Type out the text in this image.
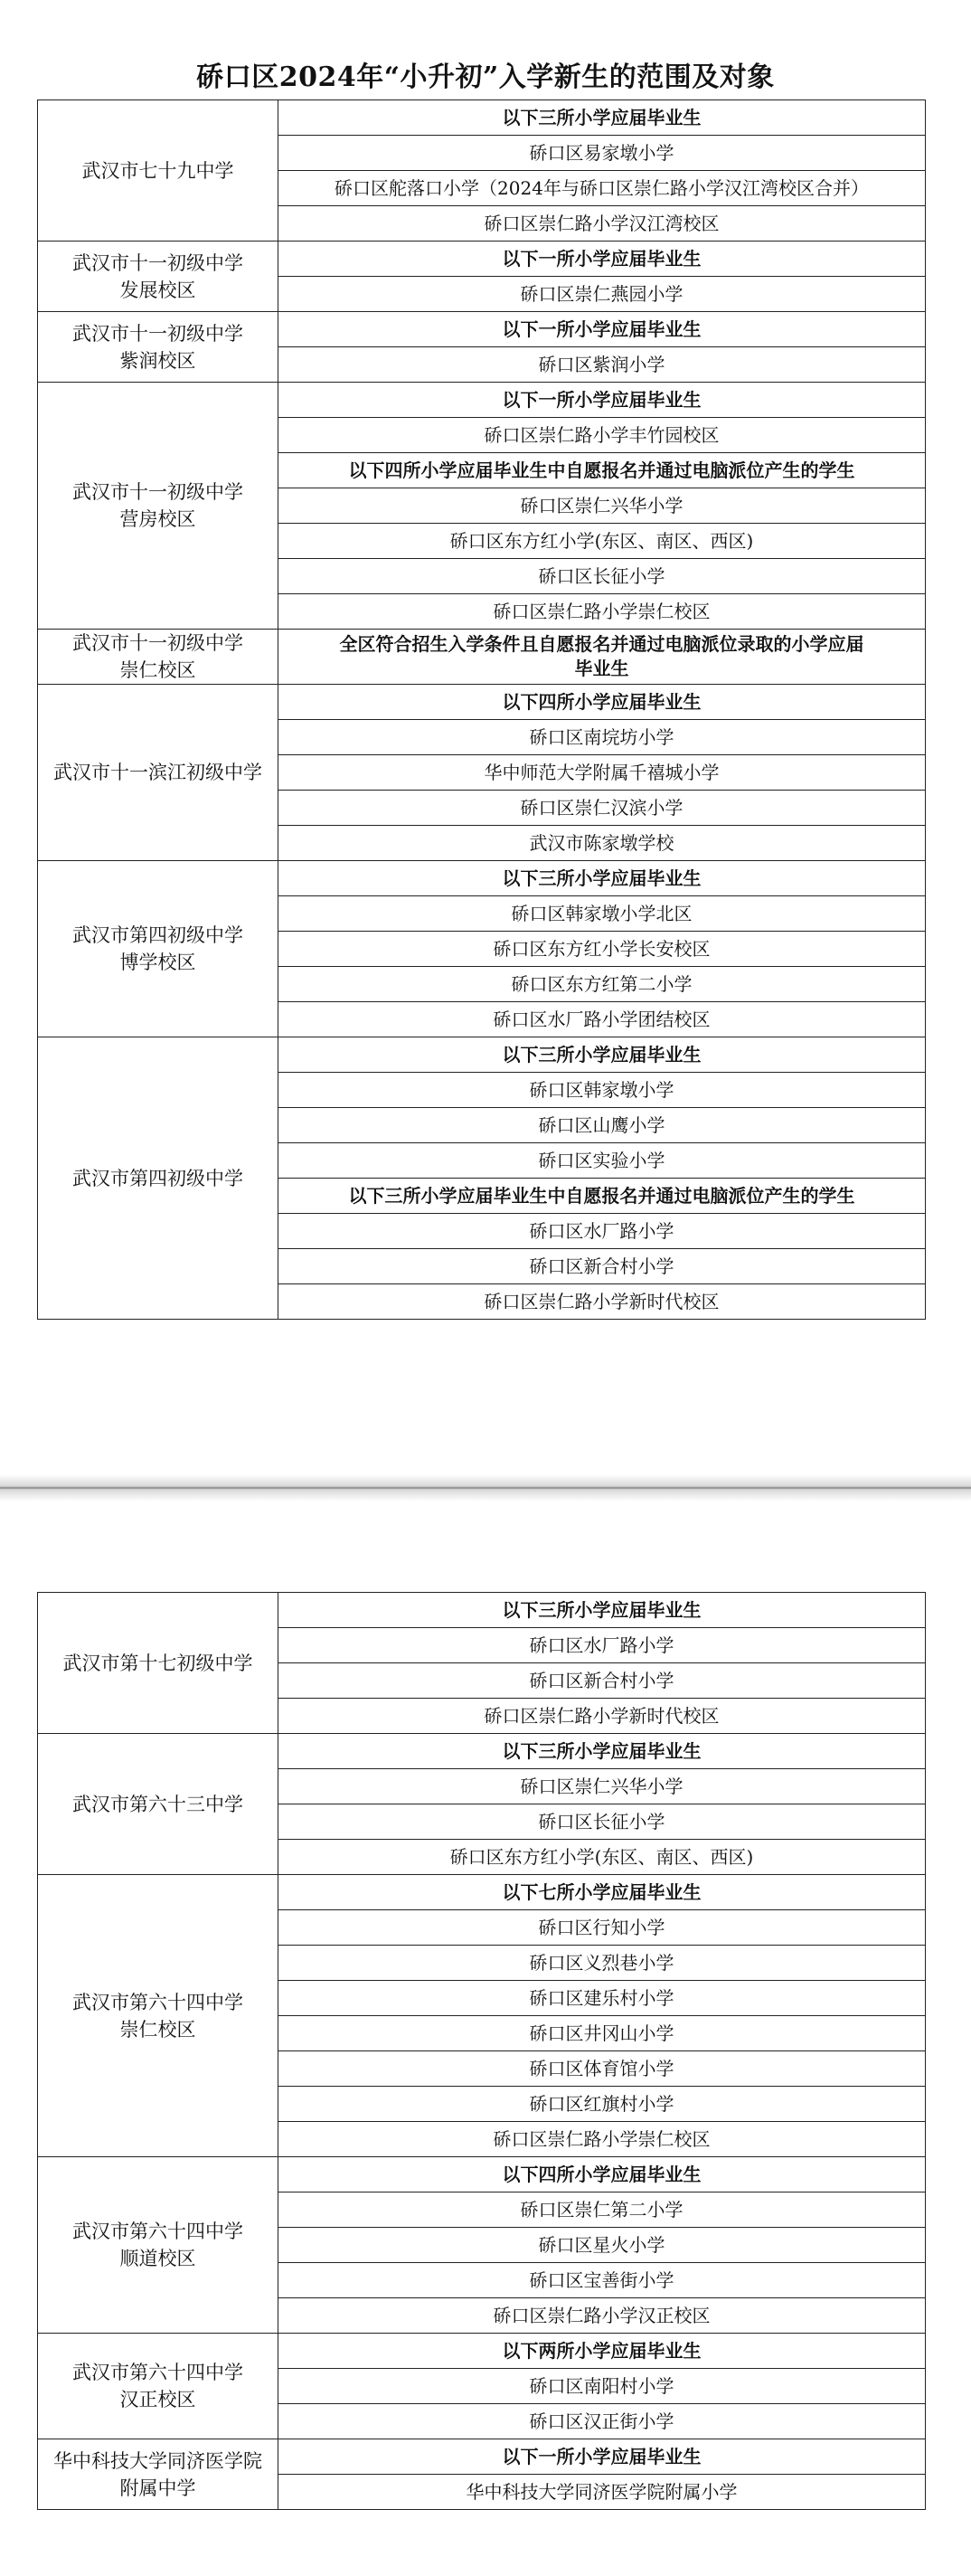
硚口区2024年“小升初”入学新生的范围及对象
武汉市七十九中学	以下三所小学应届毕业生
	硚口区易家墩小学
	硚口区舵落口小学（2024年与硚口区崇仁路小学汉江湾校区合并）
	硚口区崇仁路小学汉江湾校区

武汉市十一初级中学
发展校区	以下一所小学应届毕业生
	硚口区崇仁燕园小学

武汉市十一初级中学
紫润校区	以下一所小学应届毕业生
	硚口区紫润小学

武汉市十一初级中学
营房校区	以下一所小学应届毕业生
	硚口区崇仁路小学丰竹园校区
	以下四所小学应届毕业生中自愿报名并通过电脑派位产生的学生
	硚口区崇仁兴华小学
	硚口区东方红小学(东区、南区、西区)
	硚口区长征小学
	硚口区崇仁路小学崇仁校区

武汉市十一初级中学
崇仁校区	全区符合招生入学条件且自愿报名并通过电脑派位录取的小学应届毕业生

武汉市十一滨江初级中学	以下四所小学应届毕业生
	硚口区南垸坊小学
	华中师范大学附属千禧城小学
	硚口区崇仁汉滨小学
	武汉市陈家墩学校

武汉市第四初级中学
博学校区	以下三所小学应届毕业生
	硚口区韩家墩小学北区
	硚口区东方红小学长安校区
	硚口区东方红第二小学
	硚口区水厂路小学团结校区

武汉市第四初级中学	以下三所小学应届毕业生
	硚口区韩家墩小学
	硚口区山鹰小学
	硚口区实验小学
	以下三所小学应届毕业生中自愿报名并通过电脑派位产生的学生
	硚口区水厂路小学
	硚口区新合村小学
	硚口区崇仁路小学新时代校区
武汉市第十七初级中学	以下三所小学应届毕业生
	硚口区水厂路小学
	硚口区新合村小学
	硚口区崇仁路小学新时代校区

武汉市第六十三中学	以下三所小学应届毕业生
	硚口区崇仁兴华小学
	硚口区长征小学
	硚口区东方红小学(东区、南区、西区)

武汉市第六十四中学
崇仁校区	以下七所小学应届毕业生
	硚口区行知小学
	硚口区义烈巷小学
	硚口区建乐村小学
	硚口区井冈山小学
	硚口区体育馆小学
	硚口区红旗村小学
	硚口区崇仁路小学崇仁校区

武汉市第六十四中学
顺道校区	以下四所小学应届毕业生
	硚口区崇仁第二小学
	硚口区星火小学
	硚口区宝善街小学
	硚口区崇仁路小学汉正校区

武汉市第六十四中学
汉正校区	以下两所小学应届毕业生
	硚口区南阳村小学
	硚口区汉正街小学

华中科技大学同济医学院
附属中学	以下一所小学应届毕业生
	华中科技大学同济医学院附属小学
